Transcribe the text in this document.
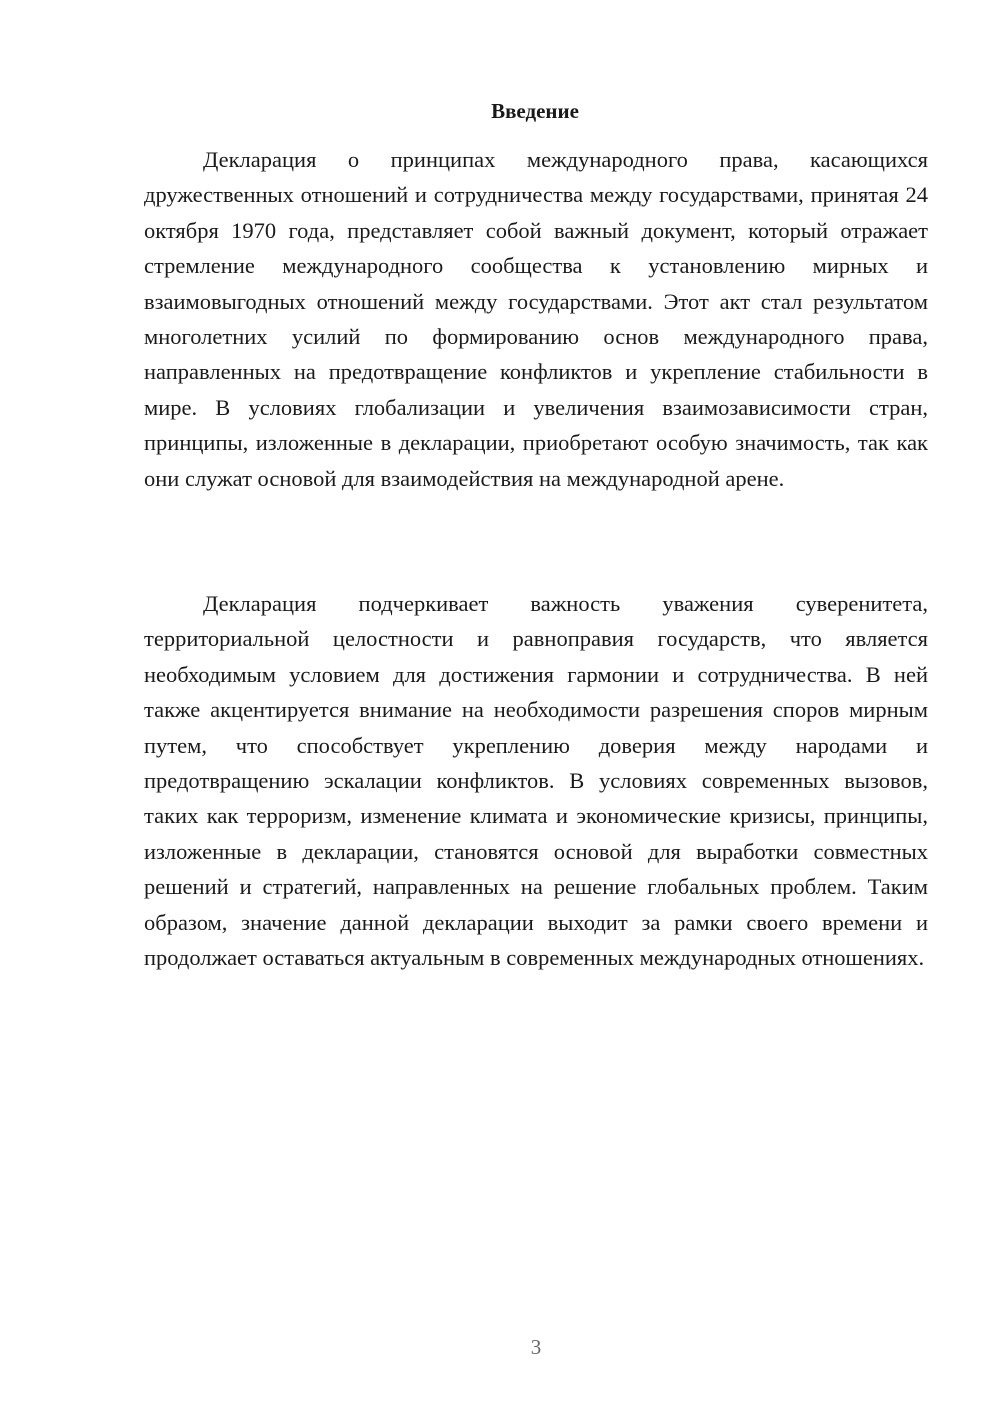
Введение

Декларация о принципах международного права, касающихся дружественных отношений и сотрудничества между государствами, принятая 24 октября 1970 года, представляет собой важный документ, который отражает стремление международного сообщества к установлению мирных и взаимовыгодных отношений между государствами. Этот акт стал результатом многолетних усилий по формированию основ международного права, направленных на предотвращение конфликтов и укрепление стабильности в мире. В условиях глобализации и увеличения взаимозависимости стран, принципы, изложенные в декларации, приобретают особую значимость, так как они служат основой для взаимодействия на международной арене.

Декларация подчеркивает важность уважения суверенитета, территориальной целостности и равноправия государств, что является необходимым условием для достижения гармонии и сотрудничества. В ней также акцентируется внимание на необходимости разрешения споров мирным путем, что способствует укреплению доверия между народами и предотвращению эскалации конфликтов. В условиях современных вызовов, таких как терроризм, изменение климата и экономические кризисы, принципы, изложенные в декларации, становятся основой для выработки совместных решений и стратегий, направленных на решение глобальных проблем. Таким образом, значение данной декларации выходит за рамки своего времени и продолжает оставаться актуальным в современных международных отношениях.

3
